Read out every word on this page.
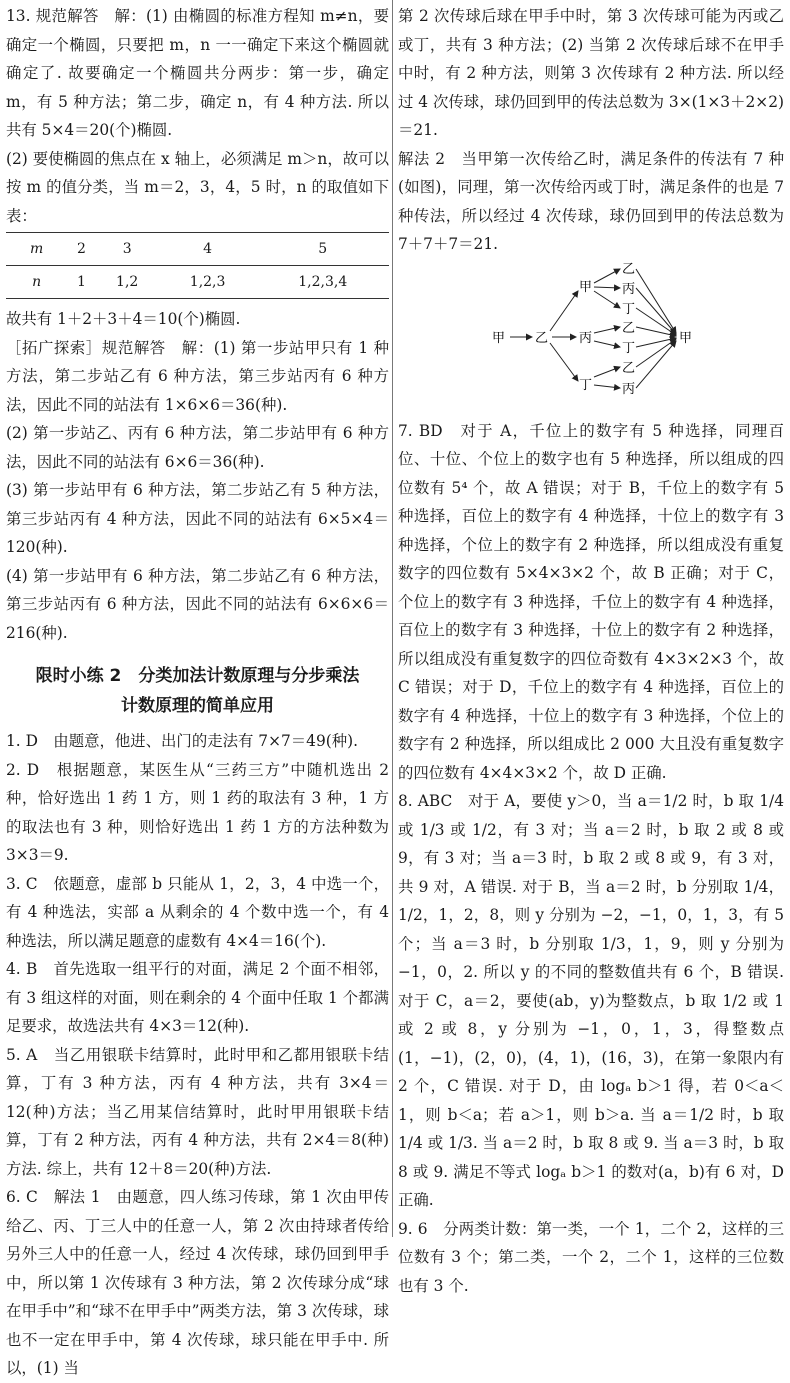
13. 规范解答　解：(1) 由椭圆的标准方程知 m≠n，要确定一个椭圆，只要把 m，n 一一确定下来这个椭圆就确定了. 故要确定一个椭圆共分两步：第一步，确定 m，有 5 种方法；第二步，确定 n，有 4 种方法. 所以共有 5×4＝20(个)椭圆.

(2) 要使椭圆的焦点在 x 轴上，必须满足 m＞n，故可以按 m 的值分类，当 m＝2，3，4，5 时，n 的取值如下表：

m	2	3	4	5
n	1	1,2	1,2,3	1,2,3,4

故共有 1＋2＋3＋4＝10(个)椭圆.

［拓广探索］规范解答　解：(1) 第一步站甲只有 1 种方法，第二步站乙有 6 种方法，第三步站丙有 6 种方法，因此不同的站法有 1×6×6＝36(种).

(2) 第一步站乙、丙有 6 种方法，第二步站甲有 6 种方法，因此不同的站法有 6×6＝36(种).

(3) 第一步站甲有 6 种方法，第二步站乙有 5 种方法，第三步站丙有 4 种方法，因此不同的站法有 6×5×4＝120(种).

(4) 第一步站甲有 6 种方法，第二步站乙有 6 种方法，第三步站丙有 6 种方法，因此不同的站法有 6×6×6＝216(种).

限时小练 2　分类加法计数原理与分步乘法
计数原理的简单应用

1. D　由题意，他进、出门的走法有 7×7＝49(种).

2. D　根据题意，某医生从“三药三方”中随机选出 2 种，恰好选出 1 药 1 方，则 1 药的取法有 3 种，1 方的取法也有 3 种，则恰好选出 1 药 1 方的方法种数为 3×3＝9.

3. C　依题意，虚部 b 只能从 1，2，3，4 中选一个，有 4 种选法，实部 a 从剩余的 4 个数中选一个，有 4 种选法，所以满足题意的虚数有 4×4＝16(个).

4. B　首先选取一组平行的对面，满足 2 个面不相邻，有 3 组这样的对面，则在剩余的 4 个面中任取 1 个都满足要求，故选法共有 4×3＝12(种).

5. A　当乙用银联卡结算时，此时甲和乙都用银联卡结算，丁有 3 种方法，丙有 4 种方法，共有 3×4＝12(种)方法；当乙用某信结算时，此时甲用银联卡结算，丁有 2 种方法，丙有 4 种方法，共有 2×4＝8(种)方法. 综上，共有 12＋8＝20(种)方法.

6. C　解法 1　由题意，四人练习传球，第 1 次由甲传给乙、丙、丁三人中的任意一人，第 2 次由持球者传给另外三人中的任意一人，经过 4 次传球，球仍回到甲手中，所以第 1 次传球有 3 种方法，第 2 次传球分成“球在甲手中”和“球不在甲手中”两类方法，第 3 次传球，球也不一定在甲手中，第 4 次传球，球只能在甲手中. 所以，(1) 当

第 2 次传球后球在甲手中时，第 3 次传球可能为丙或乙或丁，共有 3 种方法；(2) 当第 2 次传球后球不在甲手中时，有 2 种方法，则第 3 次传球有 2 种方法. 所以经过 4 次传球，球仍回到甲的传法总数为 3×(1×3＋2×2)＝21.

解法 2　当甲第一次传给乙时，满足条件的传法有 7 种(如图)，同理，第一次传给丙或丁时，满足条件的也是 7 种传法，所以经过 4 次传球，球仍回到甲的传法总数为 7＋7＋7＝21.

甲 乙
甲
丙
丁
乙
丙
丁
乙
丁
乙
丙
甲

7. BD　对于 A，千位上的数字有 5 种选择，同理百位、十位、个位上的数字也有 5 种选择，所以组成的四位数有 5⁴ 个，故 A 错误；对于 B，千位上的数字有 5 种选择，百位上的数字有 4 种选择，十位上的数字有 3 种选择，个位上的数字有 2 种选择，所以组成没有重复数字的四位数有 5×4×3×2 个，故 B 正确；对于 C，个位上的数字有 3 种选择，千位上的数字有 4 种选择，百位上的数字有 3 种选择，十位上的数字有 2 种选择，所以组成没有重复数字的四位奇数有 4×3×2×3 个，故 C 错误；对于 D，千位上的数字有 4 种选择，百位上的数字有 4 种选择，十位上的数字有 3 种选择，个位上的数字有 2 种选择，所以组成比 2 000 大且没有重复数字的四位数有 4×4×3×2 个，故 D 正确.

8. ABC　对于 A，要使 y＞0，当 a＝1/2 时，b 取 1/4 或 1/3 或 1/2，有 3 对；当 a＝2 时，b 取 2 或 8 或 9，有 3 对；当 a＝3 时，b 取 2 或 8 或 9，有 3 对，共 9 对，A 错误. 对于 B，当 a＝2 时，b 分别取 1/4，1/2，1，2，8，则 y 分别为 −2，−1，0，1，3，有 5 个；当 a＝3 时，b 分别取 1/3，1，9，则 y 分别为 −1，0，2. 所以 y 的不同的整数值共有 6 个，B 错误. 对于 C，a＝2，要使(ab，y)为整数点，b 取 1/2 或 1 或 2 或 8，y 分别为 −1，0，1，3，得整数点(1，−1)，(2，0)，(4，1)，(16，3)，在第一象限内有 2 个，C 错误. 对于 D，由 logₐ b＞1 得，若 0＜a＜1，则 b＜a；若 a＞1，则 b＞a. 当 a＝1/2 时，b 取 1/4 或 1/3. 当 a＝2 时，b 取 8 或 9. 当 a＝3 时，b 取 8 或 9. 满足不等式 logₐ b＞1 的数对(a，b)有 6 对，D 正确.

9. 6　分两类计数：第一类，一个 1，二个 2，这样的三位数有 3 个；第二类，一个 2，二个 1，这样的三位数也有 3 个.
